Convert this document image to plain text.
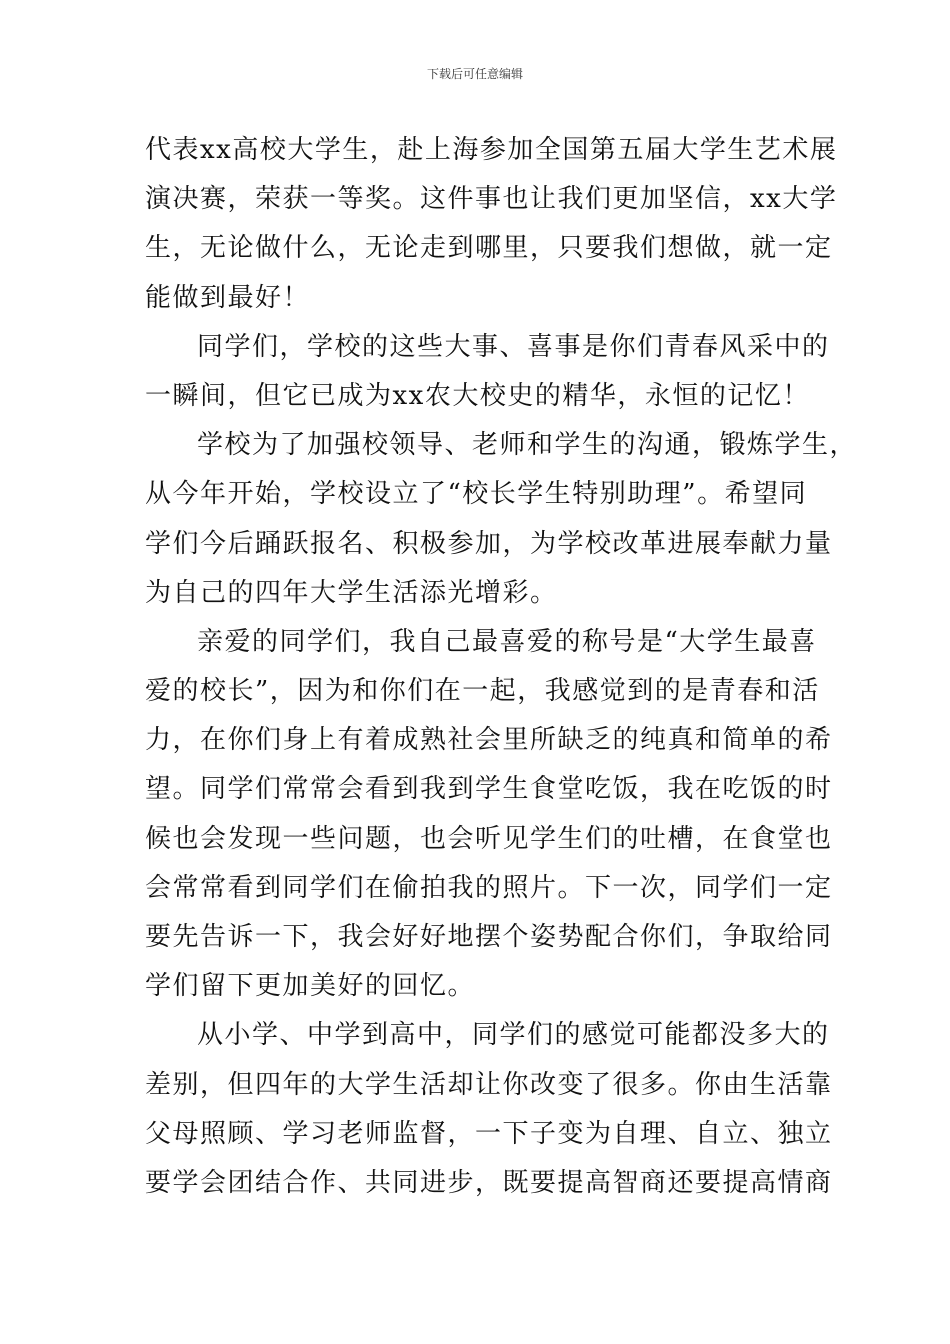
下载后可任意编辑
代表xx高校大学生，赴上海参加全国第五届大学生艺术展
演决赛，荣获一等奖。这件事也让我们更加坚信，xx大学
生，无论做什么，无论走到哪里，只要我们想做，就一定
能做到最好！
同学们，学校的这些大事、喜事是你们青春风采中的
一瞬间，但它已成为xx农大校史的精华，永恒的记忆！
学校为了加强校领导、老师和学生的沟通，锻炼学生，
从今年开始，学校设立了“校长学生特别助理”。希望同
学们今后踊跃报名、积极参加，为学校改革进展奉献力量
为自己的四年大学生活添光增彩。
亲爱的同学们，我自己最喜爱的称号是“大学生最喜
爱的校长”，因为和你们在一起，我感觉到的是青春和活
力，在你们身上有着成熟社会里所缺乏的纯真和简单的希
望。同学们常常会看到我到学生食堂吃饭，我在吃饭的时
候也会发现一些问题，也会听见学生们的吐槽，在食堂也
会常常看到同学们在偷拍我的照片。下一次，同学们一定
要先告诉一下，我会好好地摆个姿势配合你们，争取给同
学们留下更加美好的回忆。
从小学、中学到高中，同学们的感觉可能都没多大的
差别，但四年的大学生活却让你改变了很多。你由生活靠
父母照顾、学习老师监督，一下子变为自理、自立、独立
要学会团结合作、共同进步，既要提高智商还要提高情商
